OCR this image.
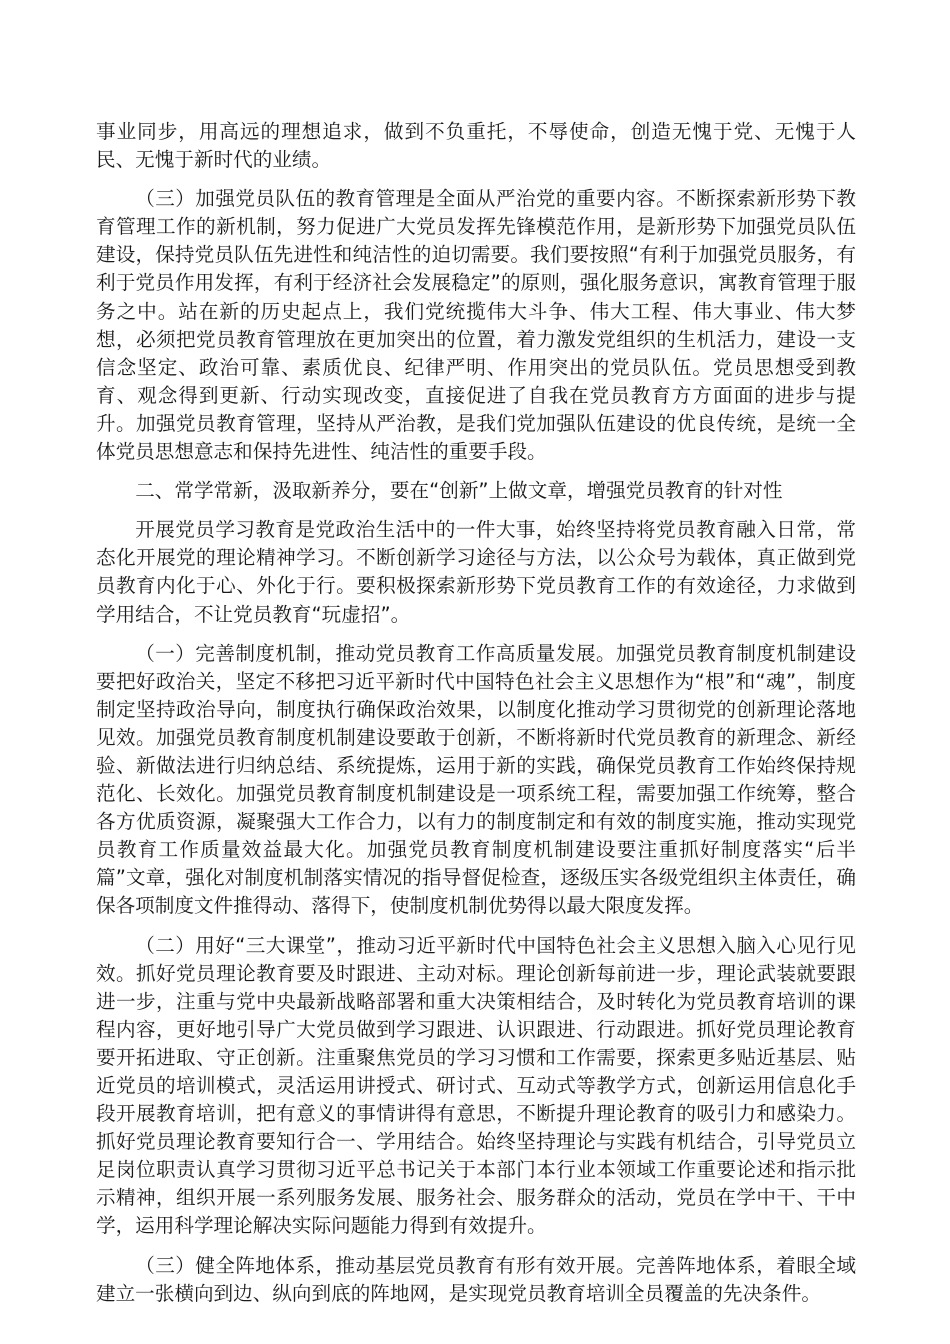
事业同步，用高远的理想追求，做到不负重托，不辱使命，创造无愧于党、无愧于人民、无愧于新时代的业绩。

（三）加强党员队伍的教育管理是全面从严治党的重要内容。不断探索新形势下教育管理工作的新机制，努力促进广大党员发挥先锋模范作用，是新形势下加强党员队伍建设，保持党员队伍先进性和纯洁性的迫切需要。我们要按照“有利于加强党员服务，有利于党员作用发挥，有利于经济社会发展稳定”的原则，强化服务意识，寓教育管理于服务之中。站在新的历史起点上，我们党统揽伟大斗争、伟大工程、伟大事业、伟大梦想，必须把党员教育管理放在更加突出的位置，着力激发党组织的生机活力，建设一支信念坚定、政治可靠、素质优良、纪律严明、作用突出的党员队伍。党员思想受到教育、观念得到更新、行动实现改变，直接促进了自我在党员教育方方面面的进步与提升。加强党员教育管理，坚持从严治教，是我们党加强队伍建设的优良传统，是统一全体党员思想意志和保持先进性、纯洁性的重要手段。

二、常学常新，汲取新养分，要在“创新”上做文章，增强党员教育的针对性

开展党员学习教育是党政治生活中的一件大事，始终坚持将党员教育融入日常，常态化开展党的理论精神学习。不断创新学习途径与方法，以公众号为载体，真正做到党员教育内化于心、外化于行。要积极探索新形势下党员教育工作的有效途径，力求做到学用结合，不让党员教育“玩虚招”。

（一）完善制度机制，推动党员教育工作高质量发展。加强党员教育制度机制建设要把好政治关，坚定不移把习近平新时代中国特色社会主义思想作为“根”和“魂”，制度制定坚持政治导向，制度执行确保政治效果，以制度化推动学习贯彻党的创新理论落地见效。加强党员教育制度机制建设要敢于创新，不断将新时代党员教育的新理念、新经验、新做法进行归纳总结、系统提炼，运用于新的实践，确保党员教育工作始终保持规范化、长效化。加强党员教育制度机制建设是一项系统工程，需要加强工作统筹，整合各方优质资源，凝聚强大工作合力，以有力的制度制定和有效的制度实施，推动实现党员教育工作质量效益最大化。加强党员教育制度机制建设要注重抓好制度落实“后半篇”文章，强化对制度机制落实情况的指导督促检查，逐级压实各级党组织主体责任，确保各项制度文件推得动、落得下，使制度机制优势得以最大限度发挥。

（二）用好“三大课堂”，推动习近平新时代中国特色社会主义思想入脑入心见行见效。抓好党员理论教育要及时跟进、主动对标。理论创新每前进一步，理论武装就要跟进一步，注重与党中央最新战略部署和重大决策相结合，及时转化为党员教育培训的课程内容，更好地引导广大党员做到学习跟进、认识跟进、行动跟进。抓好党员理论教育要开拓进取、守正创新。注重聚焦党员的学习习惯和工作需要，探索更多贴近基层、贴近党员的培训模式，灵活运用讲授式、研讨式、互动式等教学方式，创新运用信息化手段开展教育培训，把有意义的事情讲得有意思，不断提升理论教育的吸引力和感染力。抓好党员理论教育要知行合一、学用结合。始终坚持理论与实践有机结合，引导党员立足岗位职责认真学习贯彻习近平总书记关于本部门本行业本领域工作重要论述和指示批示精神，组织开展一系列服务发展、服务社会、服务群众的活动，党员在学中干、干中学，运用科学理论解决实际问题能力得到有效提升。

（三）健全阵地体系，推动基层党员教育有形有效开展。完善阵地体系，着眼全域建立一张横向到边、纵向到底的阵地网，是实现党员教育培训全员覆盖的先决条件。
